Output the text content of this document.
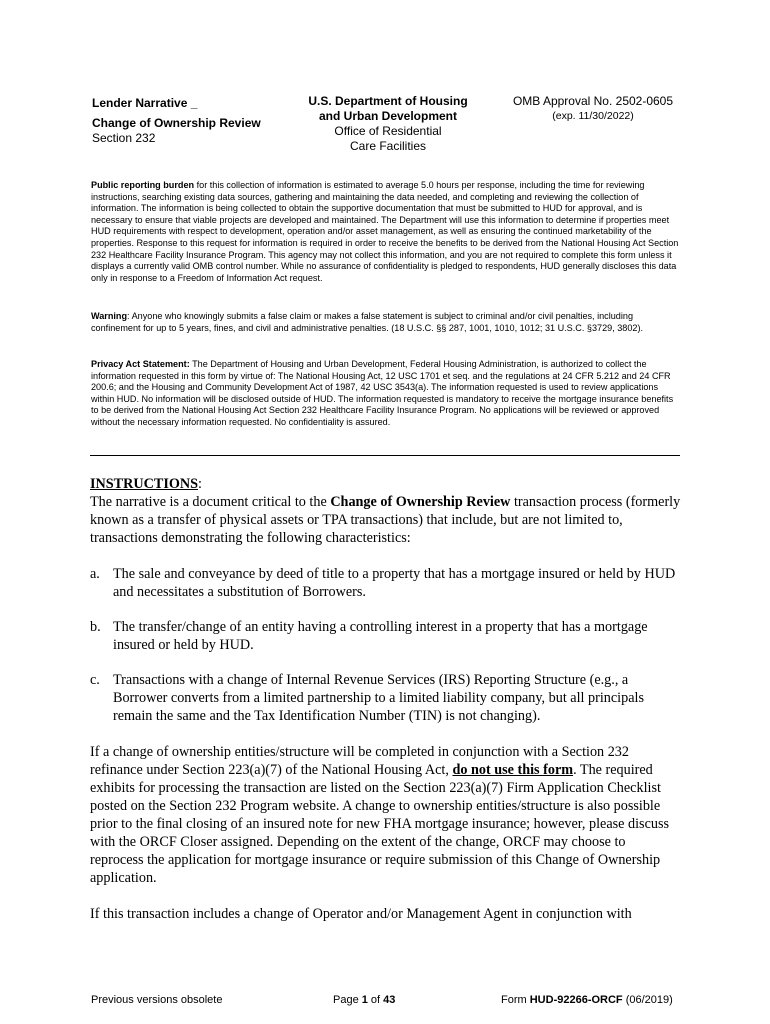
Lender Narrative _
Change of Ownership Review
Section 232
U.S. Department of Housing
and Urban Development
Office of Residential
Care Facilities
OMB Approval No. 2502-0605
(exp. 11/30/2022)
Public reporting burden for this collection of information is estimated to average 5.0 hours per response, including the time for reviewing instructions, searching existing data sources, gathering and maintaining the data needed, and completing and reviewing the collection of information. The information is being collected to obtain the supportive documentation that must be submitted to HUD for approval, and is necessary to ensure that viable projects are developed and maintained. The Department will use this information to determine if properties meet HUD requirements with respect to development, operation and/or asset management, as well as ensuring the continued marketability of the properties. Response to this request for information is required in order to receive the benefits to be derived from the National Housing Act Section 232 Healthcare Facility Insurance Program. This agency may not collect this information, and you are not required to complete this form unless it displays a currently valid OMB control number. While no assurance of confidentiality is pledged to respondents, HUD generally discloses this data only in response to a Freedom of Information Act request.
Warning: Anyone who knowingly submits a false claim or makes a false statement is subject to criminal and/or civil penalties, including confinement for up to 5 years, fines, and civil and administrative penalties. (18 U.S.C. §§ 287, 1001, 1010, 1012; 31 U.S.C. §3729, 3802).
Privacy Act Statement: The Department of Housing and Urban Development, Federal Housing Administration, is authorized to collect the information requested in this form by virtue of: The National Housing Act, 12 USC 1701 et seq. and the regulations at 24 CFR 5.212 and 24 CFR 200.6; and the Housing and Community Development Act of 1987, 42 USC 3543(a). The information requested is used to review applications within HUD. No information will be disclosed outside of HUD. The information requested is mandatory to receive the mortgage insurance benefits to be derived from the National Housing Act Section 232 Healthcare Facility Insurance Program. No applications will be reviewed or approved without the necessary information requested. No confidentiality is assured.
INSTRUCTIONS:
The narrative is a document critical to the Change of Ownership Review transaction process (formerly known as a transfer of physical assets or TPA transactions) that include, but are not limited to, transactions demonstrating the following characteristics:
a. The sale and conveyance by deed of title to a property that has a mortgage insured or held by HUD and necessitates a substitution of Borrowers.
b. The transfer/change of an entity having a controlling interest in a property that has a mortgage insured or held by HUD.
c. Transactions with a change of Internal Revenue Services (IRS) Reporting Structure (e.g., a Borrower converts from a limited partnership to a limited liability company, but all principals remain the same and the Tax Identification Number (TIN) is not changing).
If a change of ownership entities/structure will be completed in conjunction with a Section 232 refinance under Section 223(a)(7) of the National Housing Act, do not use this form. The required exhibits for processing the transaction are listed on the Section 223(a)(7) Firm Application Checklist posted on the Section 232 Program website. A change to ownership entities/structure is also possible prior to the final closing of an insured note for new FHA mortgage insurance; however, please discuss with the ORCF Closer assigned. Depending on the extent of the change, ORCF may choose to reprocess the application for mortgage insurance or require submission of this Change of Ownership application.
If this transaction includes a change of Operator and/or Management Agent in conjunction with
Previous versions obsolete	Page 1 of 43	Form HUD-92266-ORCF (06/2019)
